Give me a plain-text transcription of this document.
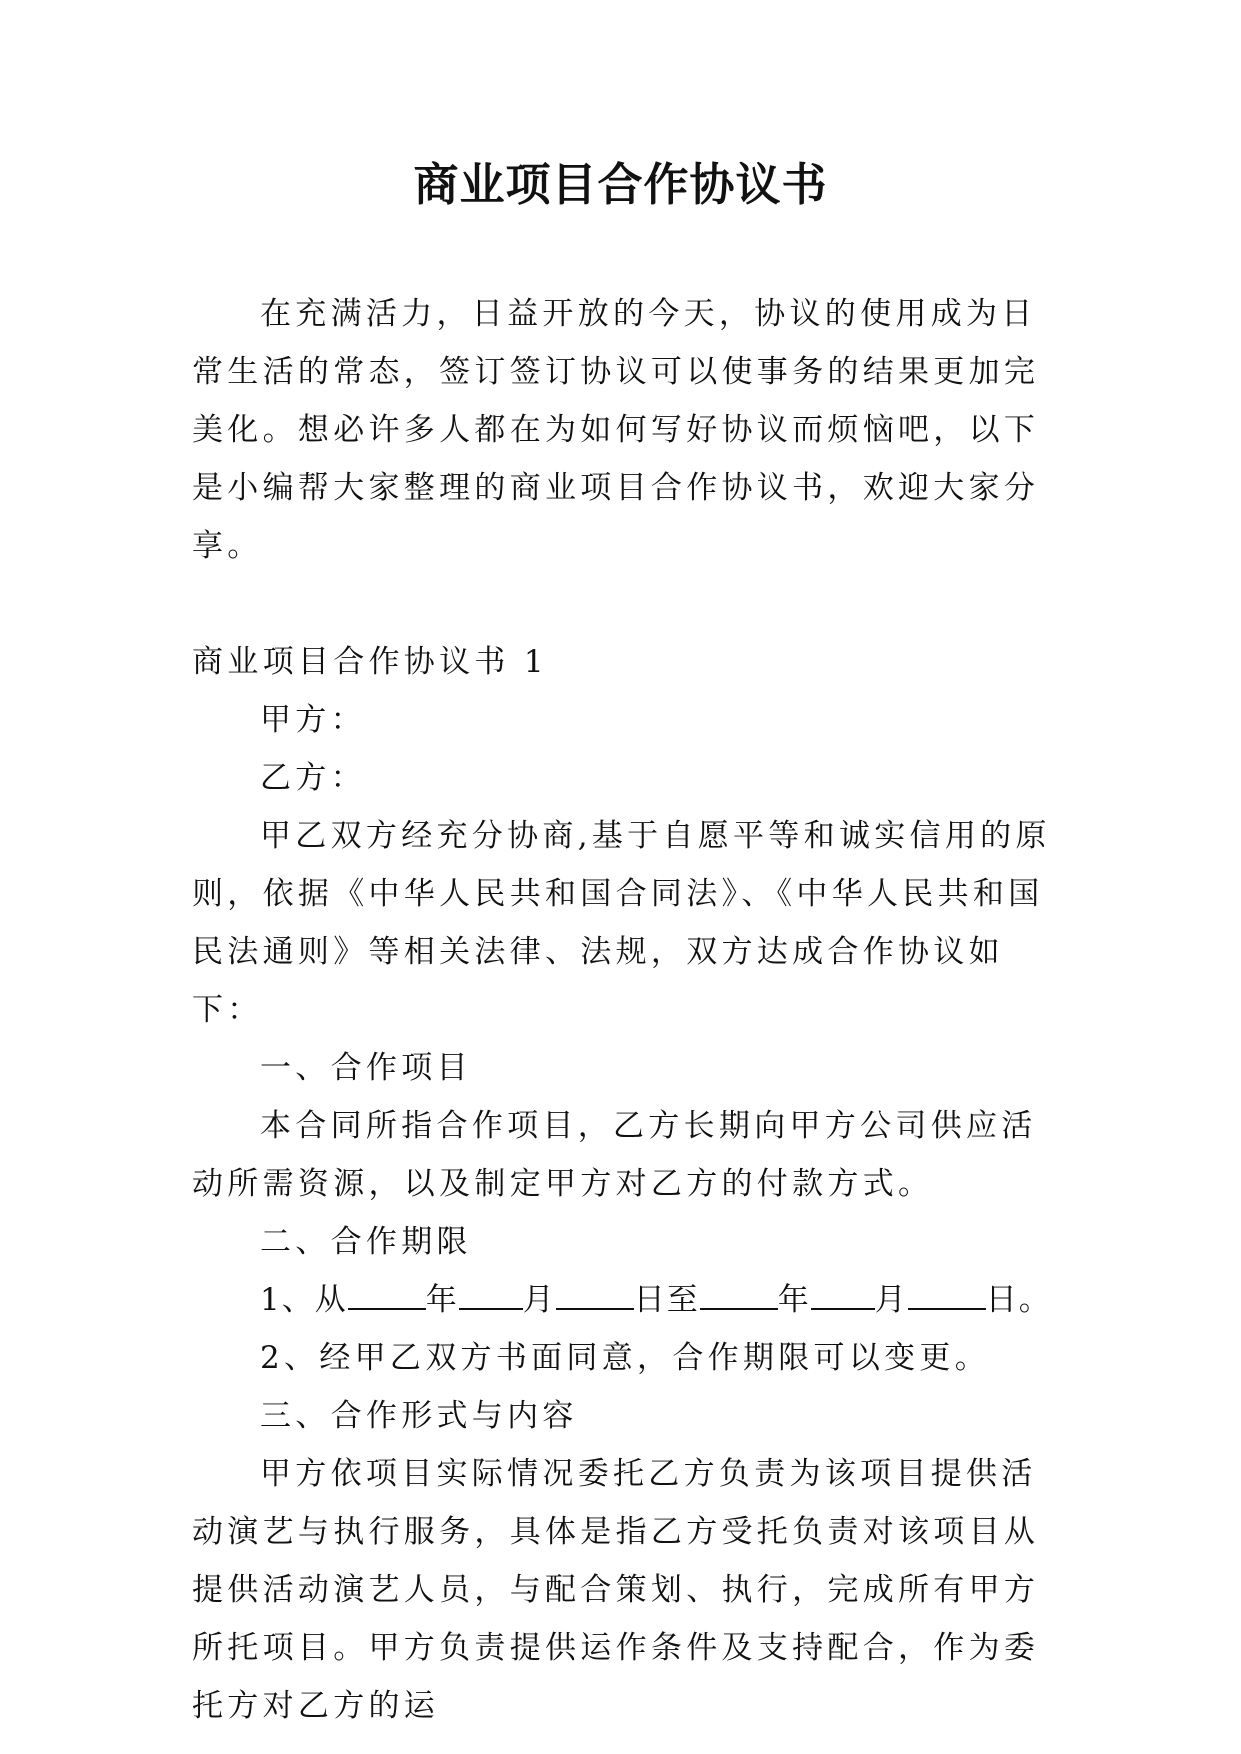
商业项目合作协议书

在充满活力，日益开放的今天，协议的使用成为日常生活的常态，签订签订协议可以使事务的结果更加完美化。想必许多人都在为如何写好协议而烦恼吧，以下是小编帮大家整理的商业项目合作协议书，欢迎大家分享。

商业项目合作协议书 1

甲方：

乙方：

甲乙双方经充分协商,基于自愿平等和诚实信用的原则，依据《中华人民共和国合同法》、《中华人民共和国民法通则》等相关法律、法规，双方达成合作协议如下：

一、合作项目

本合同所指合作项目，乙方长期向甲方公司供应活动所需资源，以及制定甲方对乙方的付款方式。

二、合作期限

1、从	年 月	日至	年 月	日。

2、经甲乙双方书面同意，合作期限可以变更。

三、合作形式与内容

甲方依项目实际情况委托乙方负责为该项目提供活动演艺与执行服务，具体是指乙方受托负责对该项目从提供活动演艺人员，与配合策划、执行，完成所有甲方所托项目。甲方负责提供运作条件及支持配合，作为委托方对乙方的运
